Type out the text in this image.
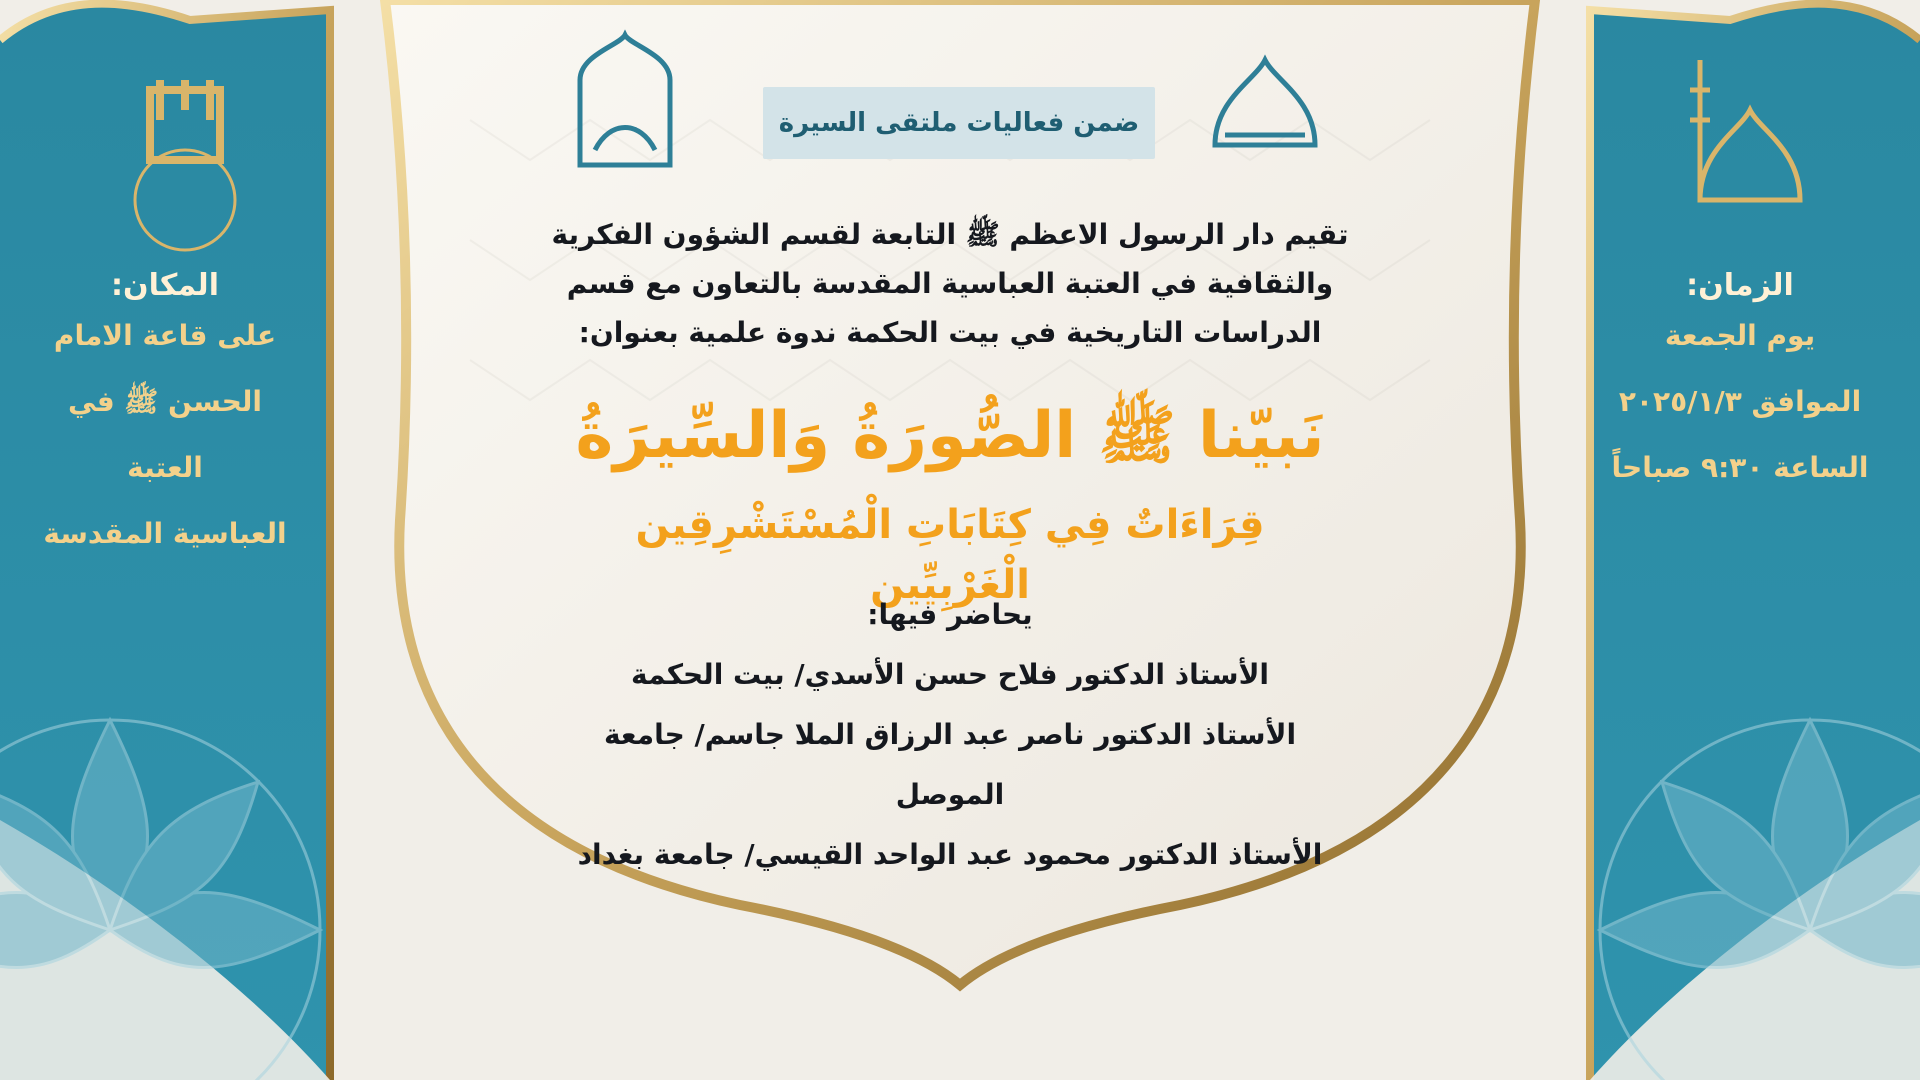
ضمن فعاليات ملتقى السيرة
تقيم دار الرسول الاعظم ﷺ التابعة لقسم الشؤون الفكرية
والثقافية في العتبة العباسية المقدسة بالتعاون مع قسم
الدراسات التاريخية في بيت الحكمة ندوة علمية بعنوان:
نَبيّنا ﷺ الصُّورَةُ وَالسِّيرَةُ
قِرَاءَاتٌ فِي كِتَابَاتِ الْمُسْتَشْرِقِين الْغَرْبِيِّين
يحاضر فيها:
الأستاذ الدكتور فلاح حسن الأسدي/ بيت الحكمة
الأستاذ الدكتور ناصر عبد الرزاق الملا جاسم/ جامعة الموصل
الأستاذ الدكتور محمود عبد الواحد القيسي/ جامعة بغداد
المكان:
على قاعة الامام
الحسن ﷺ في العتبة
العباسية المقدسة
الزمان:
يوم الجمعة
الموافق ٢٠٢٥/١/٣
الساعة ٩:٣٠ صباحاً
